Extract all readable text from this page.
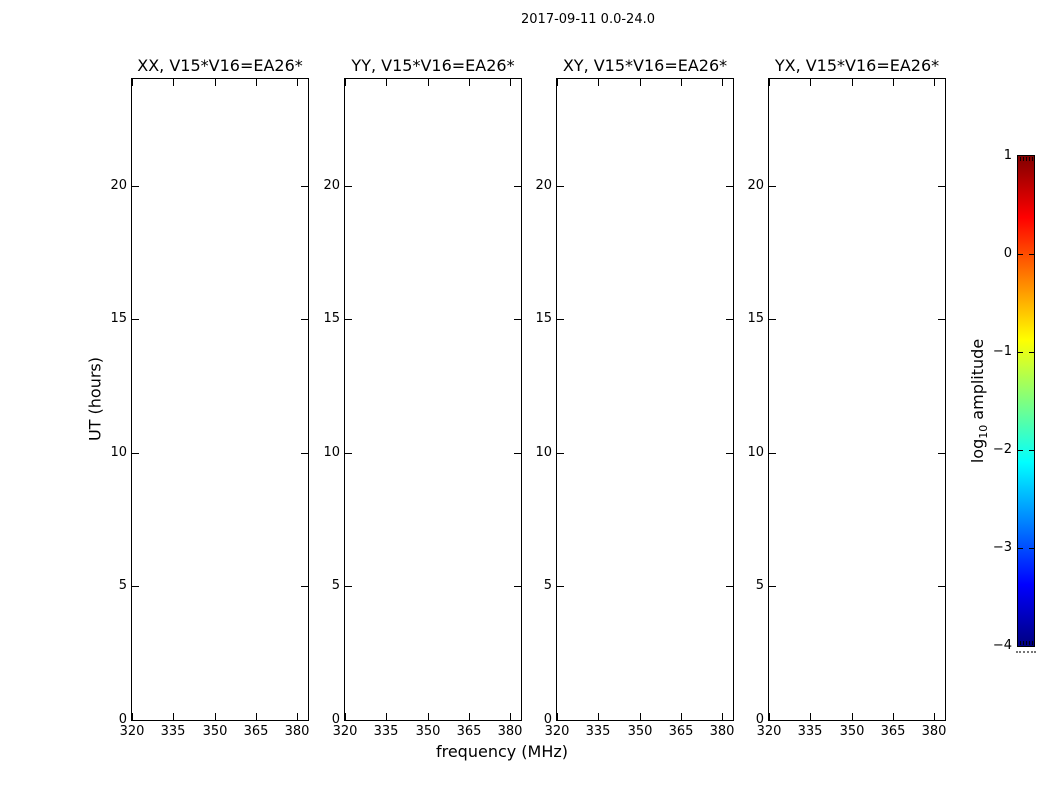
2017-09-11 0.0-24.0
XX, V15*V16=EA26*
320	335	350	365	380
0
5
10
15
20
YY, V15*V16=EA26*
320	335	350	365	380
0
5
10
15
20
XY, V15*V16=EA26*
320	335	350	365	380
0
5
10
15
20
YX, V15*V16=EA26*
320	335	350	365	380
0
5
10
15
20
UT (hours)
frequency (MHz)
1
0
−1
−2
−3
−4
$\log_{10}$ amplitude
